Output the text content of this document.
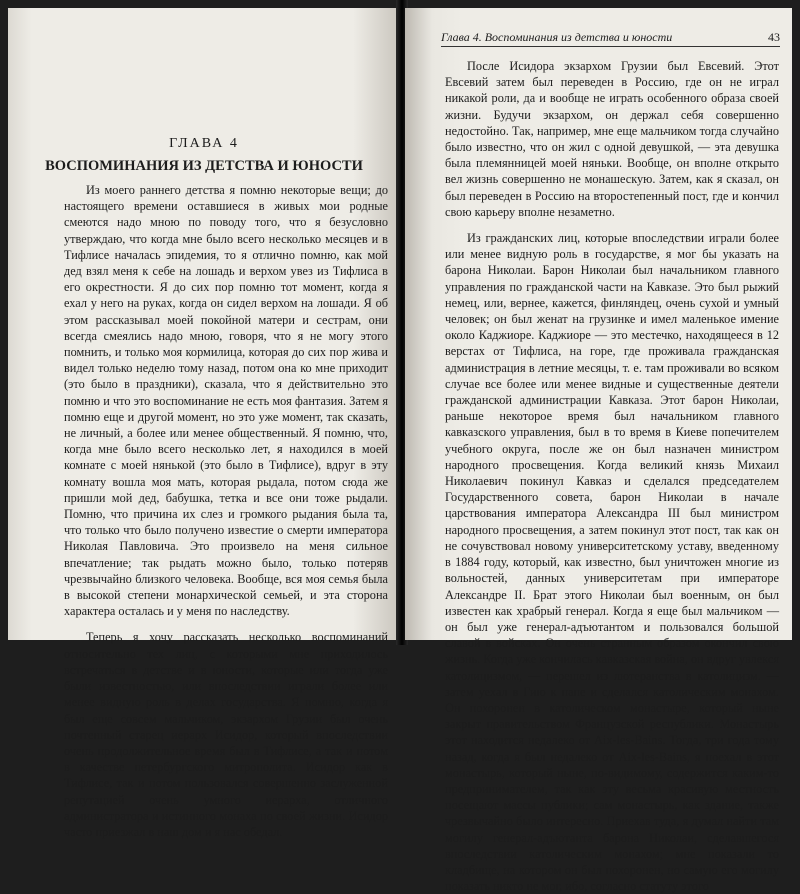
ГЛАВА 4
ВОСПОМИНАНИЯ ИЗ ДЕТСТВА И ЮНОСТИ

Из моего раннего детства я помню некоторые вещи; до настоящего времени оставшиеся в живых мои родные смеются надо мною по поводу того, что я безусловно утверждаю, что когда мне было всего несколько месяцев и в Тифлисе началась эпидемия, то я отлично помню, как мой дед взял меня к себе на лошадь и верхом увез из Тифлиса в его окрестности. Я до сих пор помню тот момент, когда я ехал у него на руках, когда он сидел верхом на лошади. Я об этом рассказывал моей покойной матери и сестрам, они всегда смеялись надо мною, говоря, что я не могу этого помнить, и только моя кормилица, которая до сих пор жива и видел только неделю тому назад, потом она ко мне приходит (это было в праздники), сказала, что я действительно это помню и что это воспоминание не есть моя фантазия. Затем я помню еще и другой момент, но это уже момент, так сказать, не личный, а более или менее общественный. Я помню, что, когда мне было всего несколько лет, я находился в моей комнате с моей нянькой (это было в Тифлисе), вдруг в эту комнату вошла моя мать, которая рыдала, потом сюда же пришли мой дед, бабушка, тетка и все они тоже рыдали. Помню, что причина их слез и громкого рыдания была та, что только что было получено известие о смерти императора Николая Павловича. Это произвело на меня сильное впечатление; так рыдать можно было, только потеряв чрезвычайно близкого человека. Вообще, вся моя семья была в высокой степени монархической семьей, и эта сторона характера осталась и у меня по наследству.

Теперь я хочу рассказать несколько воспоминаний относительно тех лиц, с которыми мне приходилось встречаться в детстве и в юности, которые или тогда уже были известностью, или впоследствии играли более или менее видную роль в делах государства. Я помню, когда я был еще совсем мальчиком, экзархом Грузии был очень почтенный старец иерарх Исидор, который впоследствии очень продолжительное время был в Тифлисе, а так и потом в качестве петербургского митрополита. Исидор как в Тифлисе, так и потом пользовался совершенно заслуженной репутацией очень умного иерарха, отличного администратора и истинного монаха по своей жизни. Исидор часто приезжал в наш дом и я нас обедал.

Глава 4. Воспоминания из детства и юности	43

После Исидора экзархом Грузии был Евсевий. Этот Евсевий затем был переведен в Россию, где он не играл никакой роли, да и вообще не играть особенного образа своей жизни. Будучи экзархом, он держал себя совершенно недостойно. Так, например, мне еще мальчиком тогда случайно было известно, что он жил с одной девушкой, — эта девушка была племянницей моей няньки. Вообще, он вполне открыто вел жизнь совершенно не монашескую. Затем, как я сказал, он был переведен в Россию на второстепенный пост, где и кончил свою карьеру вполне незаметно.

Из гражданских лиц, которые впоследствии играли более или менее видную роль в государстве, я мог бы указать на барона Николаи. Барон Николаи был начальником главного управления по гражданской части на Кавказе. Это был рыжий немец, или, вернее, кажется, финляндец, очень сухой и умный человек; он был женат на грузинке и имел маленькое имение около Каджиоре. Каджиоре — это местечко, находящееся в 12 верстах от Тифлиса, на горе, где проживала гражданская администрация в летние месяцы, т. е. там проживали во всяком случае все более или менее видные и существенные деятели гражданской администрации Кавказа. Этот барон Николаи, раньше некоторое время был начальником главного кавказского управления, был в то время в Киеве попечителем учебного округа, после же он был назначен министром народного просвещения. Когда великий князь Михаил Николаевич покинул Кавказ и сделался председателем Государственного совета, барон Николаи в начале царствования императора Александра III был министром народного просвещения, а затем покинул этот пост, так как он не сочувствовал новому университетскому уставу, введенному в 1884 году, который, как известно, был уничтожен многие из вольностей, данных университетам при императоре Александре II. Брат этого Николаи был военным, он был известен как храбрый генерал. Когда я еще был мальчиком — он был уже генерал-адъютантом и пользовался большой славой в войсках. Он очень странным образом окончил свою жизнь. Когда уже кончилась кавказская война, он вдруг увлекся католицизмом, — перешел из лютеранства в католицизм. — затем уехал в Гию к папе и сделался католическим монахом. Он похоронен в католическом монастыре, который ныне закрыт правительством Французской республики. Монастырь этот находится недалеко от Aix-les-Bains. Тогда, три года тому назад, когда я был недалеко от Aix-les-Bains, я поехал в этот монастырь, который ныне, по-видимому, содержится каким-то предпринимателем, так как эту весьма красивую местность посещают массы публики; сам монастырь, как здание, также чрезвычайно было интересно. Приехав туда, я думал найти там могилу генерал-адъютанта барона Николаи, сделавшегося впоследствии католическим монахом; мне показали то кладбище, на котором он был похоронен, но самую его могилу показать никто не мог, ибо, согласно статуту этого
